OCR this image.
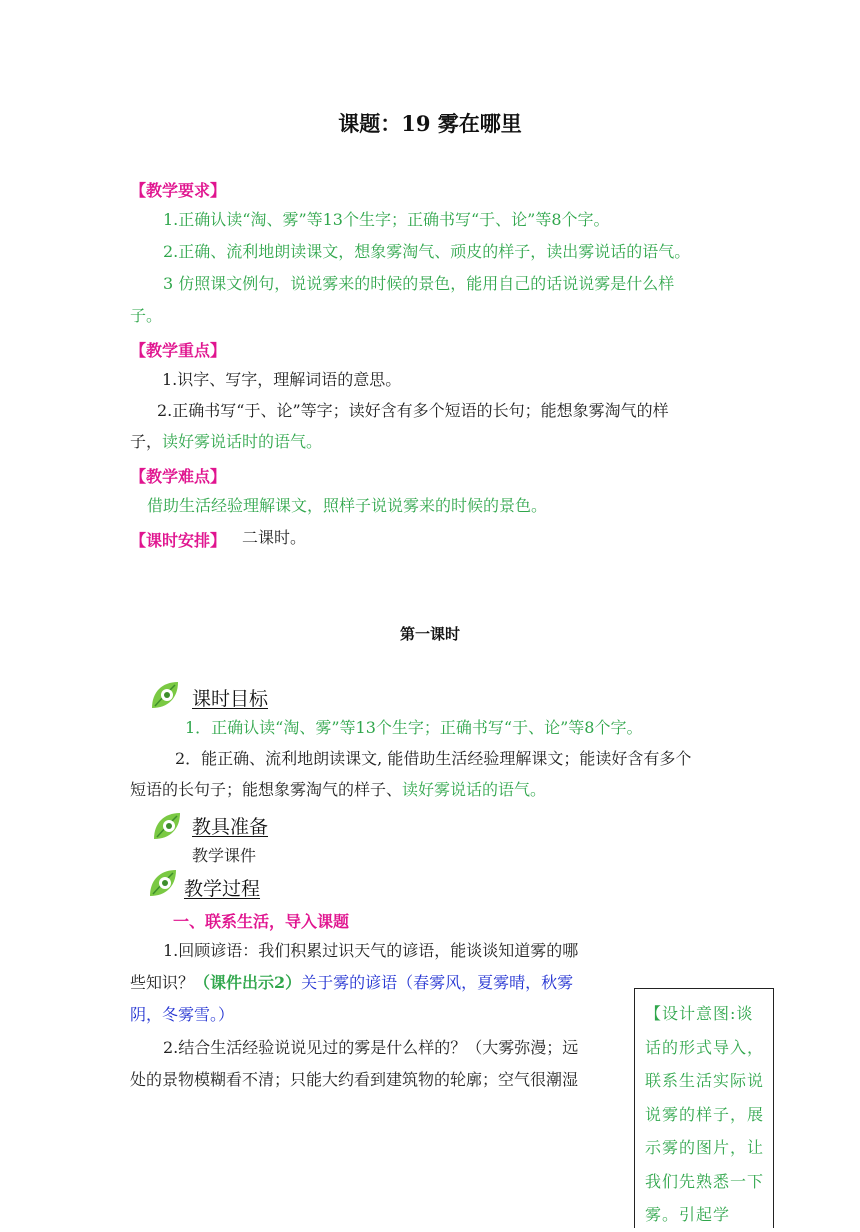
课题：19 雾在哪里
【教学要求】
1.正确认读“淘、雾”等13个生字；正确书写“于、论”等8个字。
2.正确、流利地朗读课文，想象雾淘气、顽皮的样子，读出雾说话的语气。
3 仿照课文例句，说说雾来的时候的景色，能用自己的话说说雾是什么样
子。
【教学重点】
1.识字、写字，理解词语的意思。
2.正确书写“于、论”等字；读好含有多个短语的长句；能想象雾淘气的样
子，读好雾说话时的语气。
【教学难点】
借助生活经验理解课文，照样子说说雾来的时候的景色。
【课时安排】 二课时。
第一课时
课时目标
1．正确认读“淘、雾”等13个生字；正确书写“于、论”等8个字。
2．能正确、流利地朗读课文, 能借助生活经验理解课文；能读好含有多个
短语的长句子；能想象雾淘气的样子、读好雾说话的语气。
教具准备
教学课件
教学过程
一、联系生活，导入课题
1.回顾谚语：我们积累过识天气的谚语，能谈谈知道雾的哪
些知识？（课件出示2）关于雾的谚语（春雾风，夏雾晴，秋雾
阴，冬雾雪。）
2.结合生活经验说说见过的雾是什么样的？（大雾弥漫；远
处的景物模糊看不清；只能大约看到建筑物的轮廓；空气很潮湿
【设计意图:谈话的形式导入，联系生活实际说说雾的样子，展示雾的图片，让我们先熟悉一下雾。引起学
